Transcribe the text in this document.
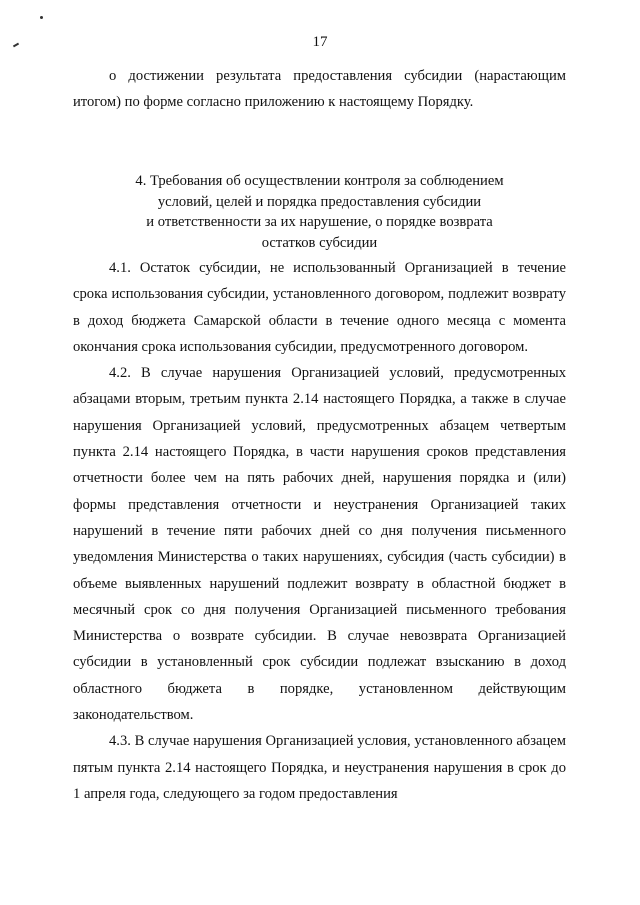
17

о достижении результата предоставления субсидии (нарастающим итогом) по форме согласно приложению к настоящему Порядку.

4. Требования об осуществлении контроля за соблюдением
условий, целей и порядка предоставления субсидии
и ответственности за их нарушение, о порядке возврата
остатков субсидии

4.1. Остаток субсидии, не использованный Организацией в течение срока использования субсидии, установленного договором, подлежит возврату в доход бюджета Самарской области в течение одного месяца с момента окончания срока использования субсидии, предусмотренного договором.

4.2. В случае нарушения Организацией условий, предусмотренных абзацами вторым, третьим пункта 2.14 настоящего Порядка, а также в случае нарушения Организацией условий, предусмотренных абзацем четвертым пункта 2.14 настоящего Порядка, в части нарушения сроков представления отчетности более чем на пять рабочих дней, нарушения порядка и (или) формы представления отчетности и неустранения Организацией таких нарушений в течение пяти рабочих дней со дня получения письменного уведомления Министерства о таких нарушениях, субсидия (часть субсидии) в объеме выявленных нарушений подлежит возврату в областной бюджет в месячный срок со дня получения Организацией письменного требования Министерства о возврате субсидии. В случае невозврата Организацией субсидии в установленный срок субсидии подлежат взысканию в доход областного бюджета в порядке, установленном действующим законодательством.

4.3. В случае нарушения Организацией условия, установленного абзацем пятым пункта 2.14 настоящего Порядка, и неустранения нарушения в срок до 1 апреля года, следующего за годом предоставления
